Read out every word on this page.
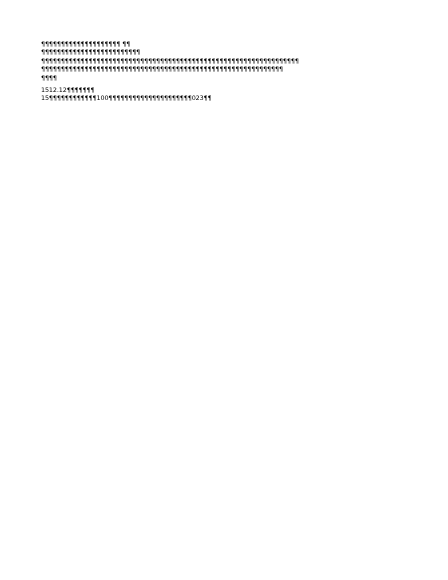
¶¶¶¶¶¶¶¶¶¶¶¶¶¶¶¶¶¶¶¶ ¶¶
¶¶¶¶¶¶¶¶¶¶¶¶¶¶¶¶¶¶¶¶¶¶¶¶¶
¶¶¶¶¶¶¶¶¶¶¶¶¶¶¶¶¶¶¶¶¶¶¶¶¶¶¶¶¶¶¶¶¶¶¶¶¶¶¶¶¶¶¶¶¶¶¶¶¶¶¶¶¶¶¶¶¶¶¶¶¶¶¶¶¶
¶¶¶¶¶¶¶¶¶¶¶¶¶¶¶¶¶¶¶¶¶¶¶¶¶¶¶¶¶¶¶¶¶¶¶¶¶¶¶¶¶¶¶¶¶¶¶¶¶¶¶¶¶¶¶¶¶¶¶¶¶
¶¶¶¶
1512.12¶¶¶¶¶¶¶
15¶¶¶¶¶¶¶¶¶¶¶¶100¶¶¶¶¶¶¶¶¶¶¶¶¶¶¶¶¶¶¶¶¶023¶¶
